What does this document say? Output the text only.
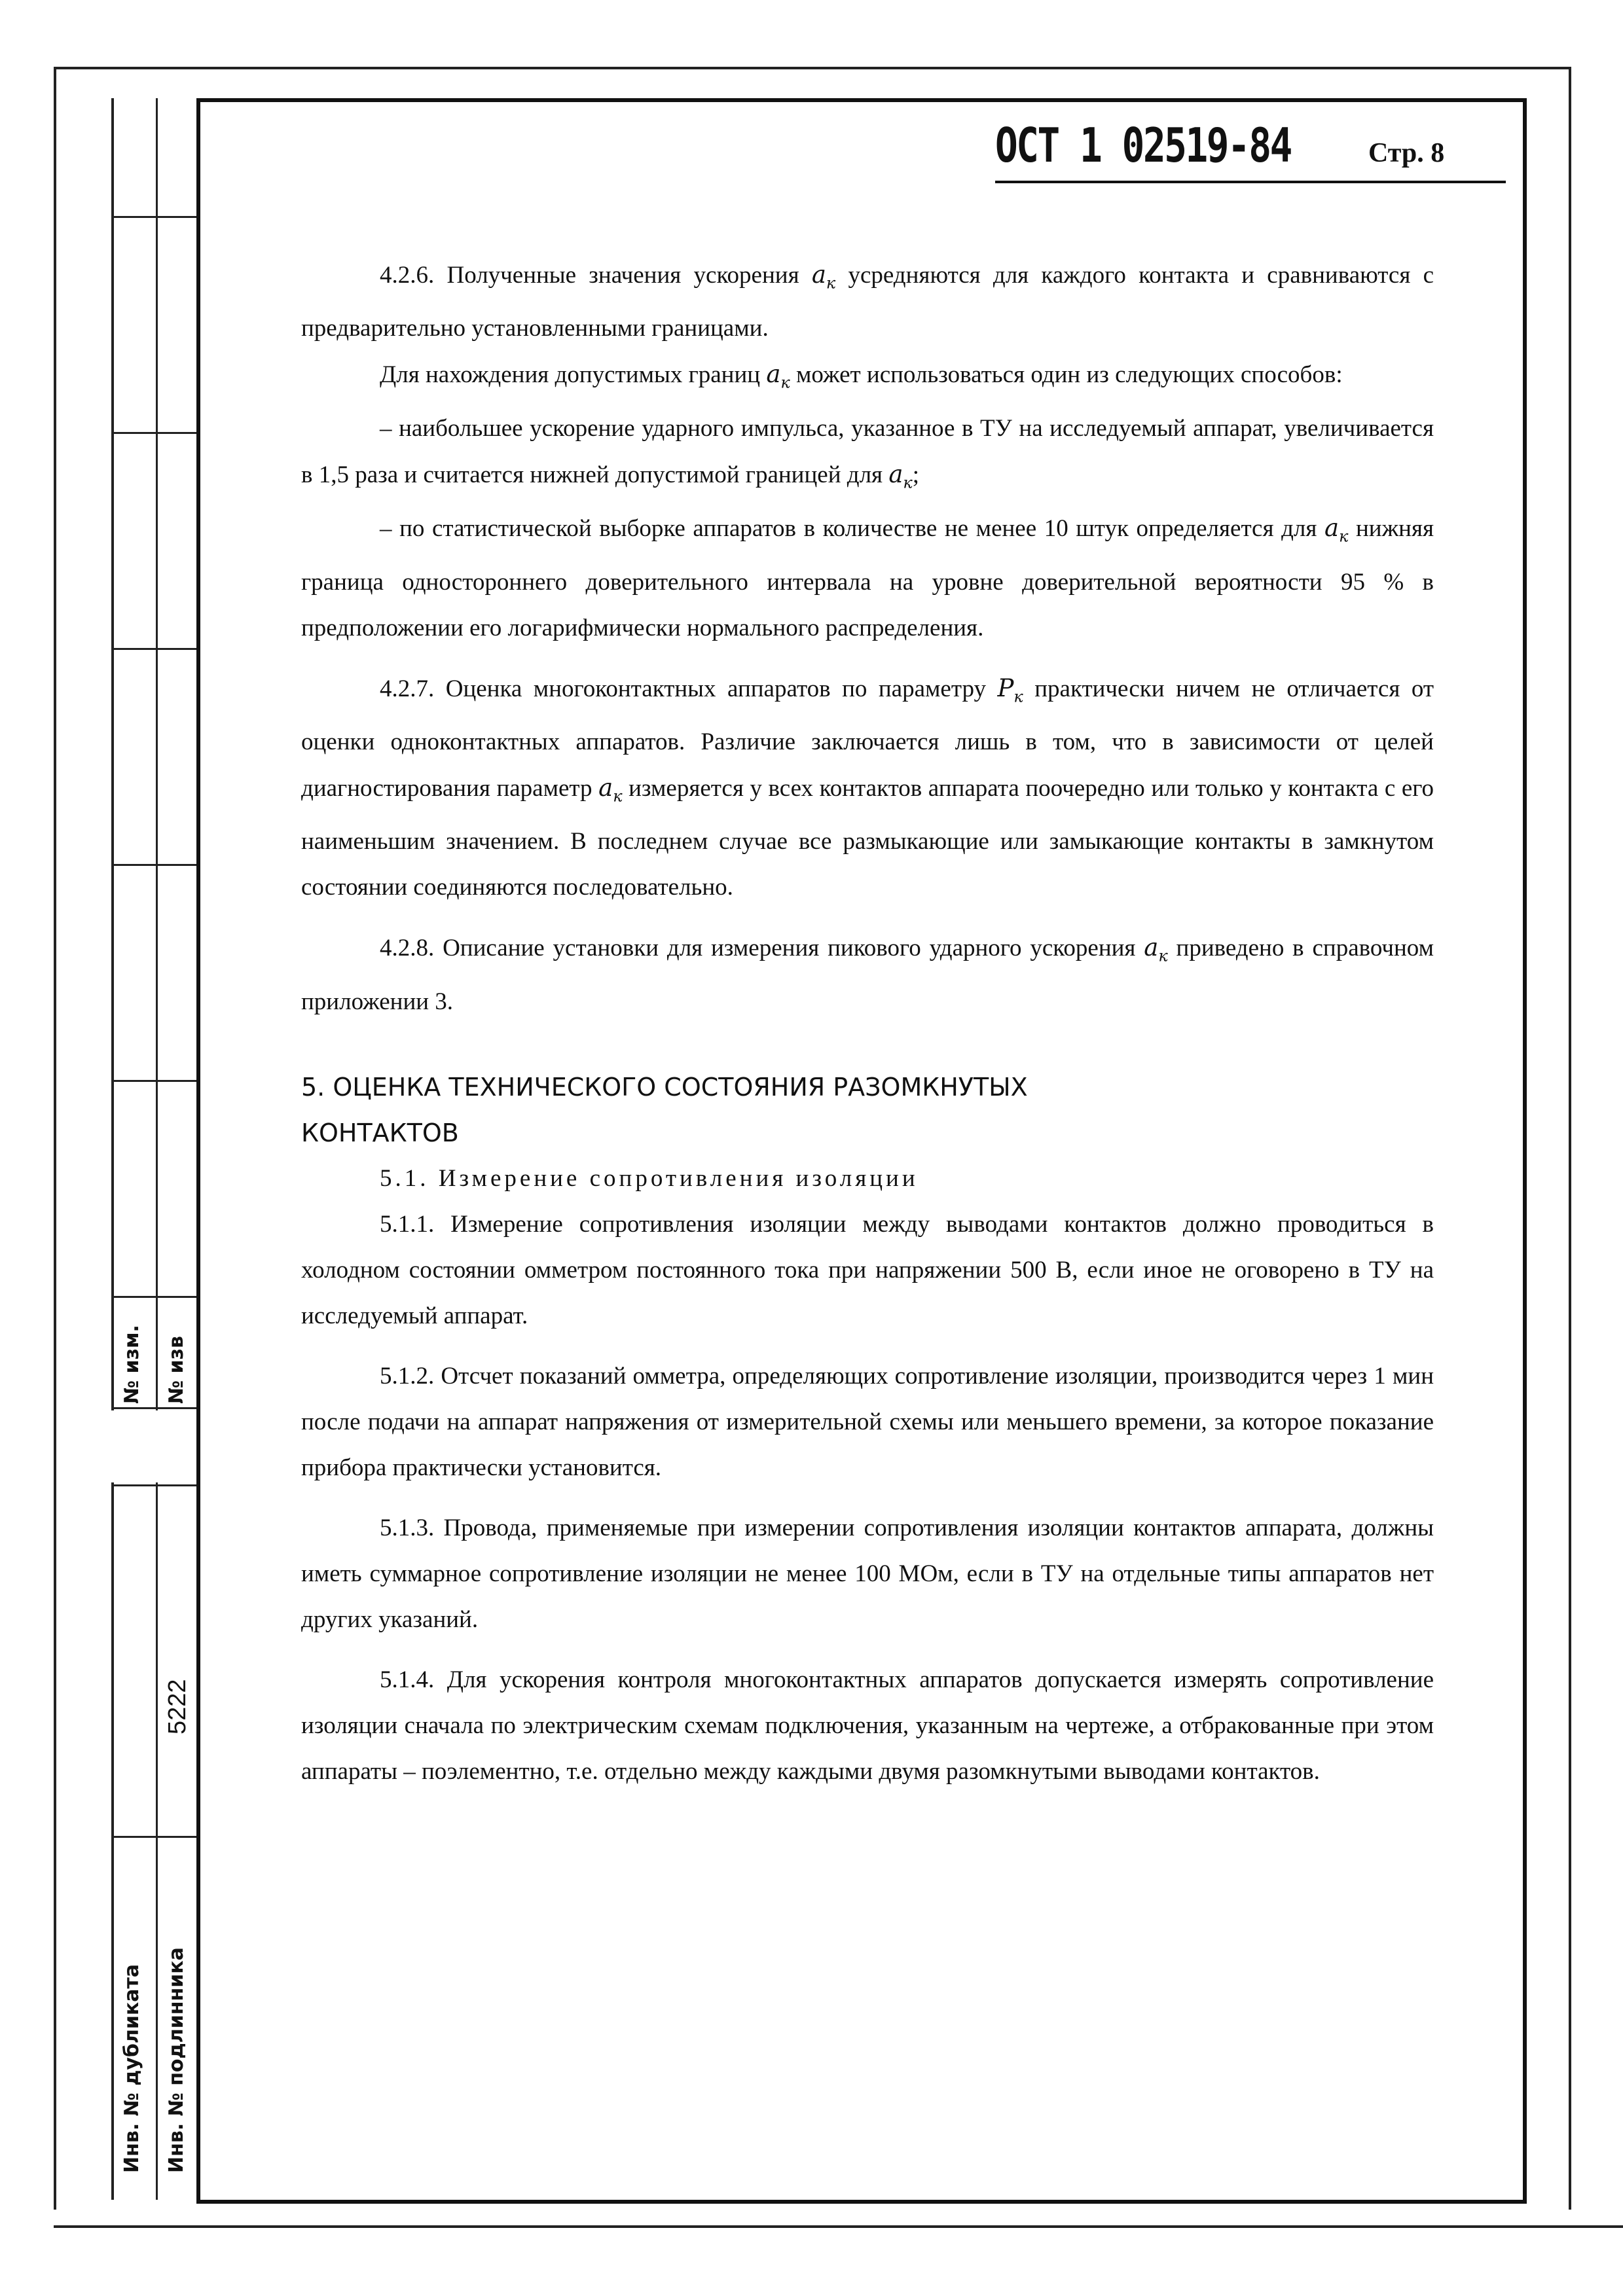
№ изм. № изв
5222
Инв. № дубликата Инв. № подлинника
ОСТ 1 02519-84	Стр. 8

4.2.6. Полученные значения ускорения $a_к$ усредняются для каждого контакта и сравниваются с предварительно установленными границами.

Для нахождения допустимых границ $a_к$ может использоваться один из следующих способов:

– наибольшее ускорение ударного импульса, указанное в ТУ на исследуемый аппарат, увеличивается в 1,5 раза и считается нижней допустимой границей для $a_к$;

– по статистической выборке аппаратов в количестве не менее 10 штук определяется для $a_к$ нижняя граница одностороннего доверительного интервала на уровне доверительной вероятности 95 % в предположении его логарифмически нормального распределения.

4.2.7. Оценка многоконтактных аппаратов по параметру $P_к$ практически ничем не отличается от оценки одноконтактных аппаратов. Различие заключается лишь в том, что в зависимости от целей диагностирования параметр $a_к$ измеряется у всех контактов аппарата поочередно или только у контакта с его наименьшим значением. В последнем случае все размыкающие или замыкающие контакты в замкнутом состоянии соединяются последовательно.

4.2.8. Описание установки для измерения пикового ударного ускорения $a_к$ приведено в справочном приложении 3.

5. ОЦЕНКА ТЕХНИЧЕСКОГО СОСТОЯНИЯ РАЗОМКНУТЫХ

КОНТАКТОВ

5.1. Измерение сопротивления изоляции

5.1.1. Измерение сопротивления изоляции между выводами контактов должно проводиться в холодном состоянии омметром постоянного тока при напряжении 500 В, если иное не оговорено в ТУ на исследуемый аппарат.

5.1.2. Отсчет показаний омметра, определяющих сопротивление изоляции, производится через 1 мин после подачи на аппарат напряжения от измерительной схемы или меньшего времени, за которое показание прибора практически установится.

5.1.3. Провода, применяемые при измерении сопротивления изоляции контактов аппарата, должны иметь суммарное сопротивление изоляции не менее 100 МОм, если в ТУ на отдельные типы аппаратов нет других указаний.

5.1.4. Для ускорения контроля многоконтактных аппаратов допускается измерять сопротивление изоляции сначала по электрическим схемам подключения, указанным на чертеже, а отбракованные при этом аппараты – поэлементно, т.е. отдельно между каждыми двумя разомкнутыми выводами контактов.
